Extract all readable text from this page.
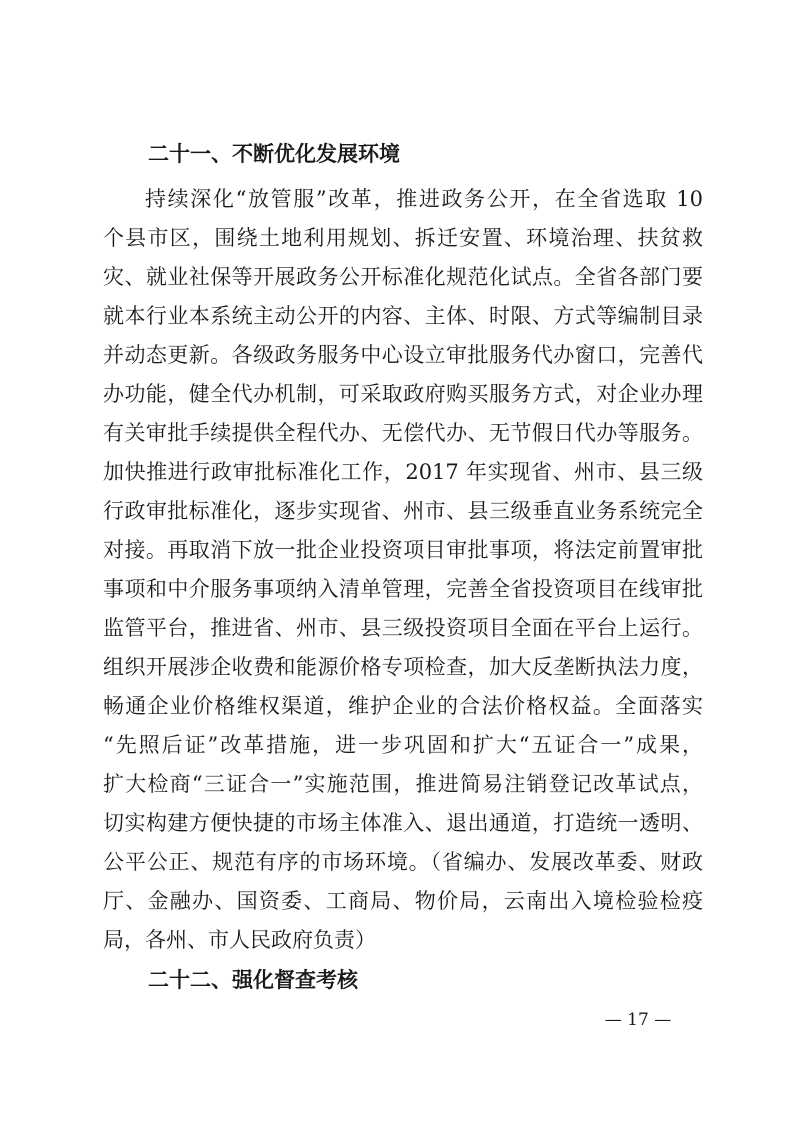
二十一、不断优化发展环境
持续深化“放管服”改革，推进政务公开，在全省选取 10
个县市区，围绕土地利用规划、拆迁安置、环境治理、扶贫救
灾、就业社保等开展政务公开标准化规范化试点。全省各部门要
就本行业本系统主动公开的内容、主体、时限、方式等编制目录
并动态更新。各级政务服务中心设立审批服务代办窗口，完善代
办功能，健全代办机制，可采取政府购买服务方式，对企业办理
有关审批手续提供全程代办、无偿代办、无节假日代办等服务。
加快推进行政审批标准化工作，2017 年实现省、州市、县三级
行政审批标准化，逐步实现省、州市、县三级垂直业务系统完全
对接。再取消下放一批企业投资项目审批事项，将法定前置审批
事项和中介服务事项纳入清单管理，完善全省投资项目在线审批
监管平台，推进省、州市、县三级投资项目全面在平台上运行。
组织开展涉企收费和能源价格专项检查，加大反垄断执法力度，
畅通企业价格维权渠道，维护企业的合法价格权益。全面落实
“先照后证”改革措施，进一步巩固和扩大“五证合一”成果，
扩大检商“三证合一”实施范围，推进简易注销登记改革试点，
切实构建方便快捷的市场主体准入、退出通道，打造统一透明、
公平公正、规范有序的市场环境。（省编办、发展改革委、财政
厅、金融办、国资委、工商局、物价局，云南出入境检验检疫
局，各州、市人民政府负责）
二十二、强化督查考核
— 17 —
